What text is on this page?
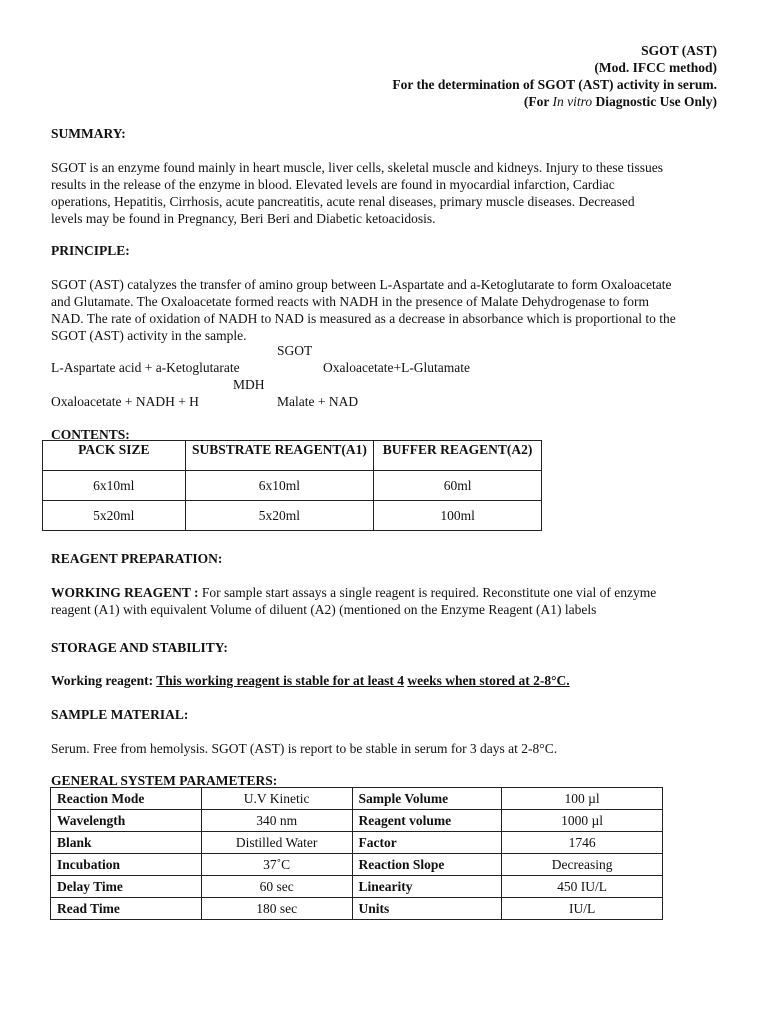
SGOT (AST)
(Mod. IFCC method)
For the determination of SGOT (AST) activity in serum.
(For In vitro Diagnostic Use Only)
SUMMARY:
SGOT is an enzyme found mainly in heart muscle, liver cells, skeletal muscle and kidneys. Injury to these tissues
results in the release of the enzyme in blood. Elevated levels are found in myocardial infarction, Cardiac
operations, Hepatitis, Cirrhosis, acute pancreatitis, acute renal diseases, primary muscle diseases. Decreased
levels may be found in Pregnancy, Beri Beri and Diabetic ketoacidosis.
PRINCIPLE:
SGOT (AST) catalyzes the transfer of amino group between L-Aspartate and a-Ketoglutarate to form Oxaloacetate
and Glutamate. The Oxaloacetate formed reacts with NADH in the presence of Malate Dehydrogenase to form
NAD. The rate of oxidation of NADH to NAD is measured as a decrease in absorbance which is proportional to the
SGOT (AST) activity in the sample.
SGOT
L-Aspartate acid + a-Ketoglutarate	Oxaloacetate+L-Glutamate
MDH
Oxaloacetate + NADH + H	Malate + NAD
CONTENTS:
PACK SIZE	SUBSTRATE REAGENT(A1)	BUFFER REAGENT(A2)
6x10ml	6x10ml	60ml
5x20ml	5x20ml	100ml
REAGENT PREPARATION:
WORKING REAGENT : For sample start assays a single reagent is required. Reconstitute one vial of enzyme
reagent (A1) with equivalent Volume of diluent (A2) (mentioned on the Enzyme Reagent (A1) labels
STORAGE AND STABILITY:
Working reagent: This working reagent is stable for at least 4 weeks when stored at 2-8°C.
SAMPLE MATERIAL:
Serum. Free from hemolysis. SGOT (AST) is report to be stable in serum for 3 days at 2-8°C.
GENERAL SYSTEM PARAMETERS:
Reaction Mode	U.V Kinetic	Sample Volume	100 µl
Wavelength	340 nm	Reagent volume	1000 µl
Blank	Distilled Water	Factor	1746
Incubation	37˚C	Reaction Slope	Decreasing
Delay Time	60 sec	Linearity	450 IU/L
Read Time	180 sec	Units	IU/L
